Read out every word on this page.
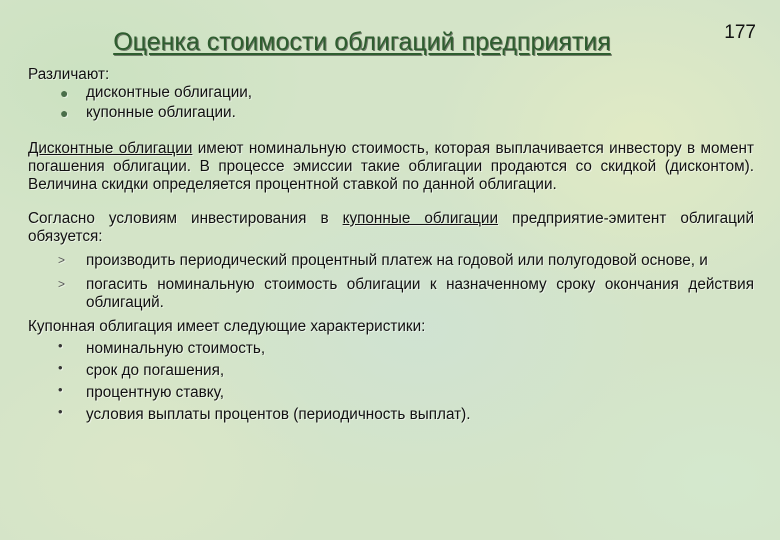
177
Оценка стоимости облигаций предприятия

Различают:

● дисконтные облигации,
● купонные облигации.

Дисконтные облигации имеют номинальную стоимость, которая выплачивается инвестору в момент погашения облигации. В процессе эмиссии такие облигации продаются со скидкой (дисконтом). Величина скидки определяется процентной ставкой по данной облигации.

Согласно условиям инвестирования в купонные облигации предприятие-эмитент облигаций обязуется:

> производить периодический процентный платеж на годовой или полугодовой основе, и
> погасить номинальную стоимость облигации к назначенному сроку окончания действия облигаций.

Купонная облигация имеет следующие характеристики:

• номинальную стоимость,
• срок до погашения,
• процентную ставку,
• условия выплаты процентов (периодичность выплат).
